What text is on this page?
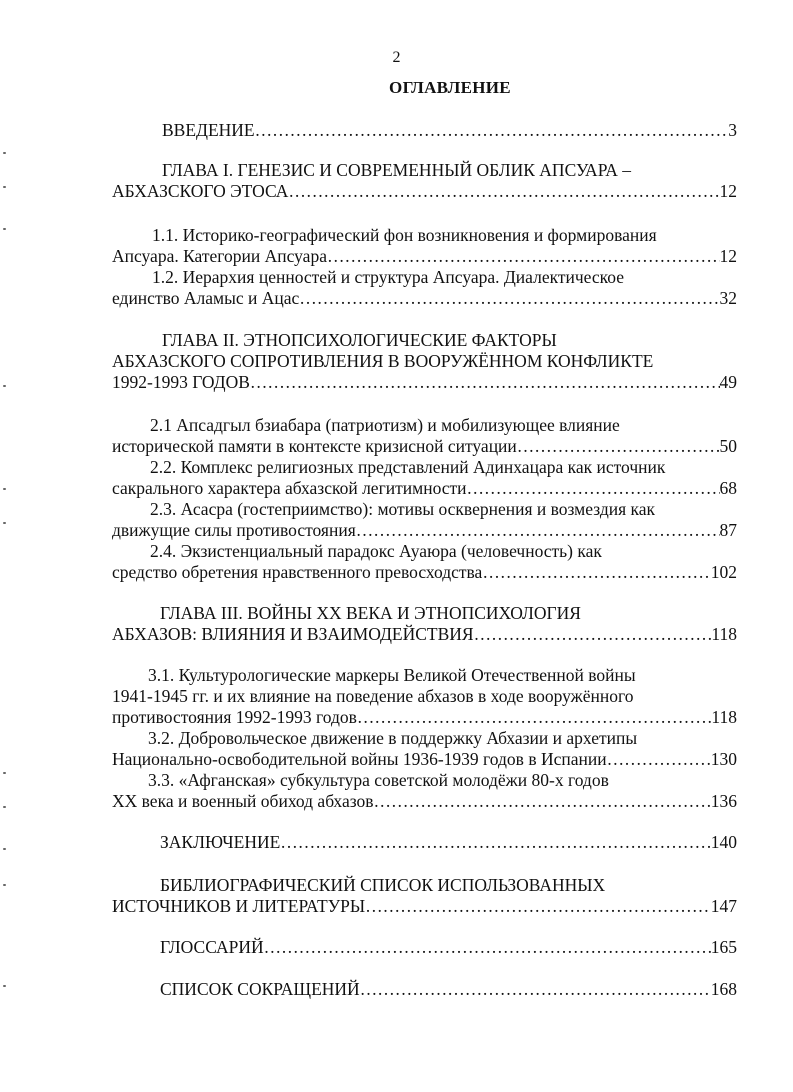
2
ОГЛАВЛЕНИЕ
ВВЕДЕНИЕ ……………………………………………………………………………………………………………………………………………………………………………………	3
ГЛАВА I. ГЕНЕЗИС И СОВРЕМЕННЫЙ ОБЛИК АПСУАРА –
АБХАЗСКОГО ЭТОСА ……………………………………………………………………………………………………………………………………………………………………………………	12
1.1. Историко-географический фон возникновения и формирования
Апсуара. Категории Апсуара ……………………………………………………………………………………………………………………………………………………………………………………	12
1.2. Иерархия ценностей и структура Апсуара. Диалектическое
единство Аламыс и Ацас ……………………………………………………………………………………………………………………………………………………………………………………	32
ГЛАВА II. ЭТНОПСИХОЛОГИЧЕСКИЕ ФАКТОРЫ
АБХАЗСКОГО СОПРОТИВЛЕНИЯ В ВООРУЖЁННОМ КОНФЛИКТЕ
1992-1993 ГОДОВ ……………………………………………………………………………………………………………………………………………………………………………………	49
2.1 Апсадгыл бзиабара (патриотизм) и мобилизующее влияние
исторической памяти в контексте кризисной ситуации ……………………………………………………………………………………………………………………………………………………………………………………	50
2.2. Комплекс религиозных представлений Адинхацара как источник
сакрального характера абхазской легитимности ……………………………………………………………………………………………………………………………………………………………………………………	68
2.3. Асасра (гостеприимство): мотивы осквернения и возмездия как
движущие силы противостояния ……………………………………………………………………………………………………………………………………………………………………………………	87
2.4. Экзистенциальный парадокс Ауаюра (человечность) как
средство обретения нравственного превосходства ……………………………………………………………………………………………………………………………………………………………………………………	102
ГЛАВА III. ВОЙНЫ XX ВЕКА И ЭТНОПСИХОЛОГИЯ
АБХАЗОВ: ВЛИЯНИЯ И ВЗАИМОДЕЙСТВИЯ ……………………………………………………………………………………………………………………………………………………………………………………	118
3.1. Культурологические маркеры Великой Отечественной войны
1941-1945 гг. и их влияние на поведение абхазов в ходе вооружённого
противостояния 1992-1993 годов ……………………………………………………………………………………………………………………………………………………………………………………	118
3.2. Добровольческое движение в поддержку Абхазии и архетипы
Национально-освободительной войны 1936-1939 годов в Испании ……………………………………………………………………………………………………………………………………………………………………………………	130
3.3. «Афганская» субкультура советской молодёжи 80-х годов
XX века и военный обиход абхазов ……………………………………………………………………………………………………………………………………………………………………………………	136
ЗАКЛЮЧЕНИЕ ……………………………………………………………………………………………………………………………………………………………………………………	140
БИБЛИОГРАФИЧЕСКИЙ СПИСОК ИСПОЛЬЗОВАННЫХ
ИСТОЧНИКОВ И ЛИТЕРАТУРЫ ……………………………………………………………………………………………………………………………………………………………………………………	147
ГЛОССАРИЙ ……………………………………………………………………………………………………………………………………………………………………………………	165
СПИСОК СОКРАЩЕНИЙ ……………………………………………………………………………………………………………………………………………………………………………………	168
